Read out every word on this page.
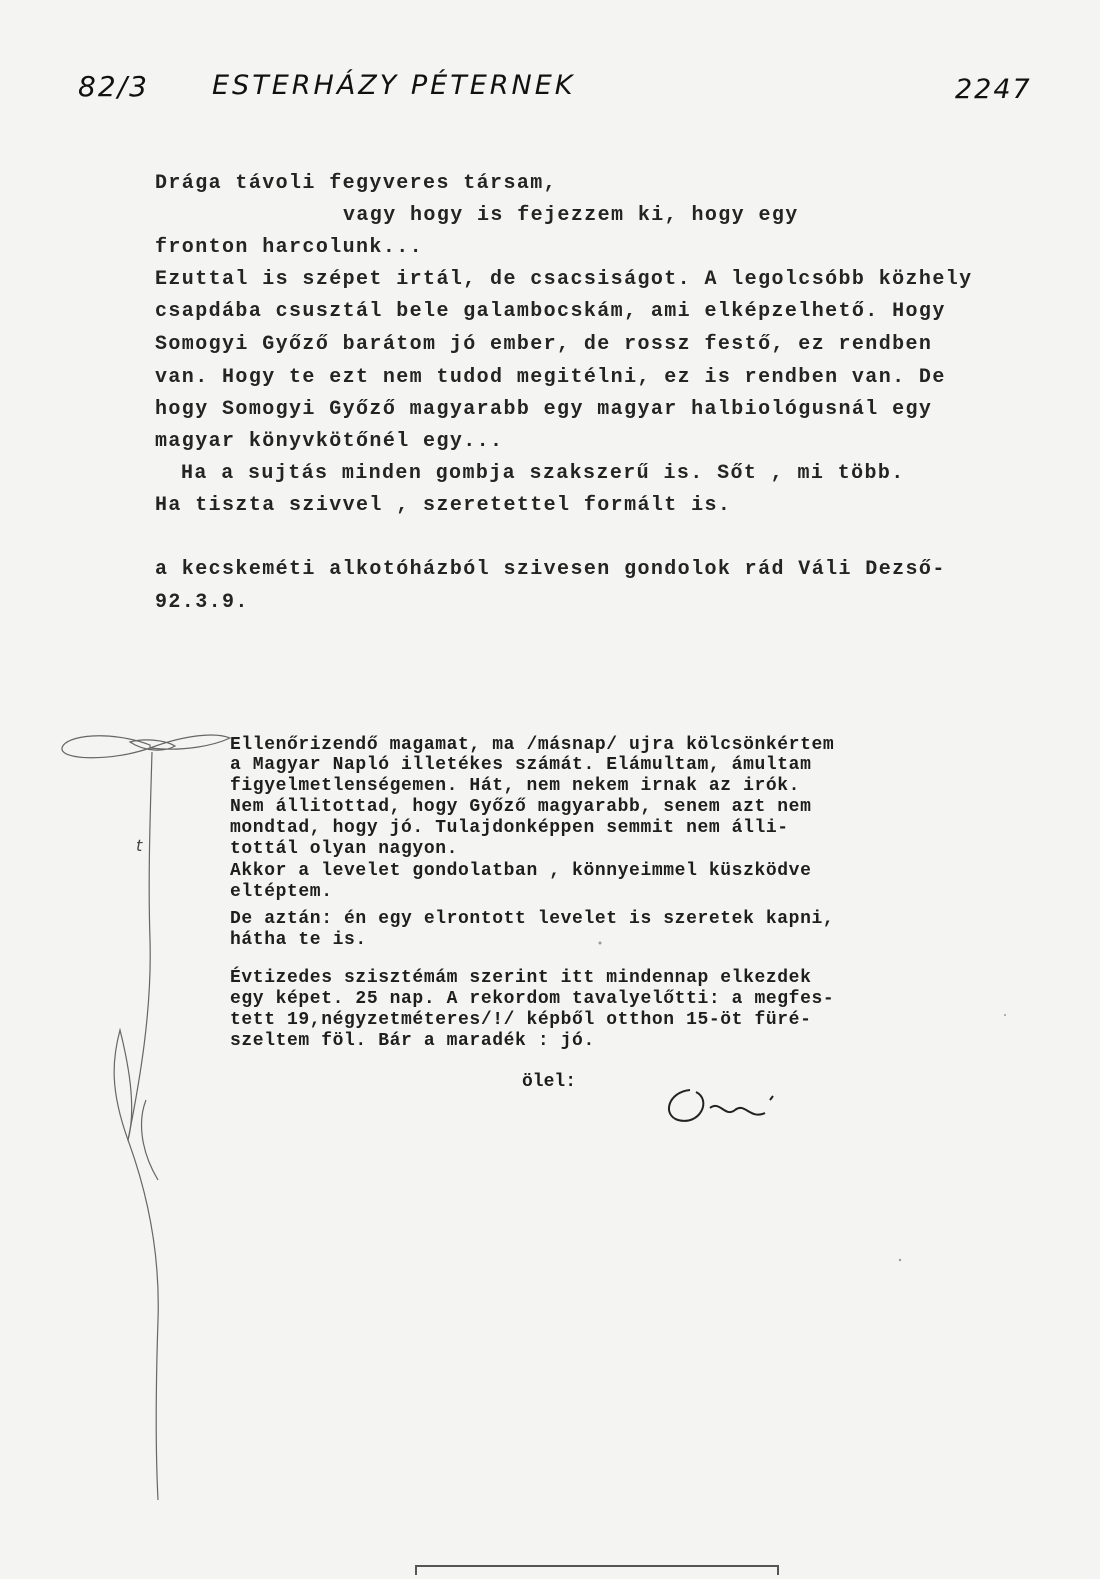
82/3 ESTERHÁZY PÉTERNEK	2247
Drága távoli fegyveres társam,
vagy hogy is fejezzem ki, hogy egy
fronton harcolunk...
Ezuttal is szépet irtál, de csacsiságot. A legolcsóbb közhely
csapdába csusztál bele galambocskám, ami elképzelhető. Hogy
Somogyi Győző barátom jó ember, de rossz festő, ez rendben
van. Hogy te ezt nem tudod megitélni, ez is rendben van. De
hogy Somogyi Győző magyarabb egy magyar halbiológusnál egy
magyar könyvkötőnél egy...
Ha a sujtás minden gombja szakszerű is. Sőt , mi több.
Ha tiszta szivvel , szeretettel formált is.
a kecskeméti alkotóházból szivesen gondolok rád Váli Dezső-
92.3.9.
Ellenőrizendő magamat, ma /másnap/ ujra kölcsönkértem
a Magyar Napló illetékes számát. Elámultam, ámultam
figyelmetlenségemen. Hát, nem nekem irnak az irók.
Nem állitottad, hogy Győző magyarabb, senem azt nem
mondtad, hogy jó. Tulajdonképpen semmit nem álli-
tottál olyan nagyon.
Akkor a levelet gondolatban , könnyeimmel küszködve
eltéptem.
De aztán: én egy elrontott levelet is szeretek kapni,
hátha te is.
Évtizedes szisztémám szerint itt mindennap elkezdek
egy képet. 25 nap. A rekordom tavalyelőtti: a megfes-
tett 19,négyzetméteres/!/ képből otthon 15-öt füré-
szeltem föl. Bár a maradék : jó.
ölel:
t
